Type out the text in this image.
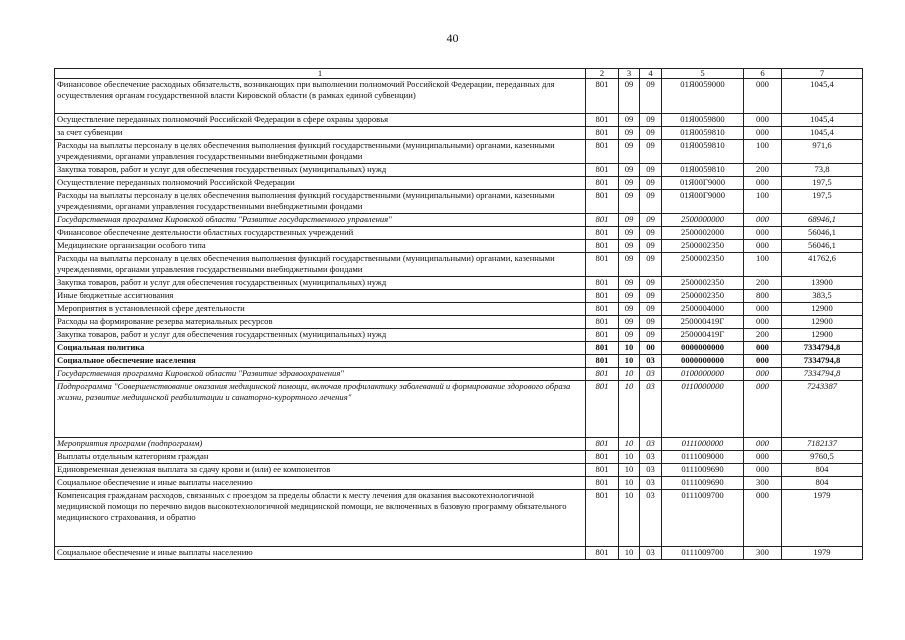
40
1	2	3	4	5	6	7
Финансовое обеспечение расходных обязательств, возникающих при выполнении полномочий Российской Федерации, переданных для осуществления органам государственной власти Кировской области (в рамках единой субвенции)	801	09	09	01Я0059000	000	1045,4
Осуществление переданных полномочий Российской Федерации в сфере охраны здоровья	801	09	09	01Я0059800	000	1045,4
за счет субвенции	801	09	09	01Я0059810	000	1045,4
Расходы на выплаты персоналу в целях обеспечения выполнения функций государственными (муниципальными) органами, казенными учреждениями, органами управления государственными внебюджетными фондами	801	09	09	01Я0059810	100	971,6
Закупка товаров, работ и услуг для обеспечения государственных (муниципальных) нужд	801	09	09	01Я0059810	200	73,8
Осуществление переданных полномочий Российской Федерации	801	09	09	01Я00Г9000	000	197,5
Расходы на выплаты персоналу в целях обеспечения выполнения функций государственными (муниципальными) органами, казенными учреждениями, органами управления государственными внебюджетными фондами	801	09	09	01Я00Г9000	100	197,5
Государственная программа Кировской области "Развитие государственного управления"	801	09	09	2500000000	000	68946,1
Финансовое обеспечение деятельности областных государственных учреждений	801	09	09	2500002000	000	56046,1
Медицинские организации особого типа	801	09	09	2500002350	000	56046,1
Расходы на выплаты персоналу в целях обеспечения выполнения функций государственными (муниципальными) органами, казенными учреждениями, органами управления государственными внебюджетными фондами	801	09	09	2500002350	100	41762,6
Закупка товаров, работ и услуг для обеспечения государственных (муниципальных) нужд	801	09	09	2500002350	200	13900
Иные бюджетные ассигнования	801	09	09	2500002350	800	383,5
Мероприятия в установленной сфере деятельности	801	09	09	2500004000	000	12900
Расходы на формирование резерва материальных ресурсов	801	09	09	250000419Г	000	12900
Закупка товаров, работ и услуг для обеспечения государственных (муниципальных) нужд	801	09	09	250000419Г	200	12900
Социальная политика	801	10	00	0000000000	000	7334794,8
Социальное обеспечение населения	801	10	03	0000000000	000	7334794,8
Государственная программа Кировской области "Развитие здравоохранения"	801	10	03	0100000000	000	7334794,8
Подпрограмма "Совершенствование оказания медицинской помощи, включая профилактику заболеваний и формирование здорового образа жизни, развитие медицинской реабилитации и санаторно-курортного лечения"	801	10	03	0110000000	000	7243387
Мероприятия программ (подпрограмм)	801	10	03	0111000000	000	7182137
Выплаты отдельным категориям граждан	801	10	03	0111009000	000	9760,5
Единовременная денежная выплата за сдачу крови и (или) ее компонентов	801	10	03	0111009690	000	804
Социальное обеспечение и иные выплаты населению	801	10	03	0111009690	300	804
Компенсация гражданам расходов, связанных с проездом за пределы области к месту лечения для оказания высокотехнологичной медицинской помощи по перечню видов высокотехнологичной медицинской помощи, не включенных в базовую программу обязательного медицинского страхования, и обратно	801	10	03	0111009700	000	1979
Социальное обеспечение и иные выплаты населению	801	10	03	0111009700	300	1979
